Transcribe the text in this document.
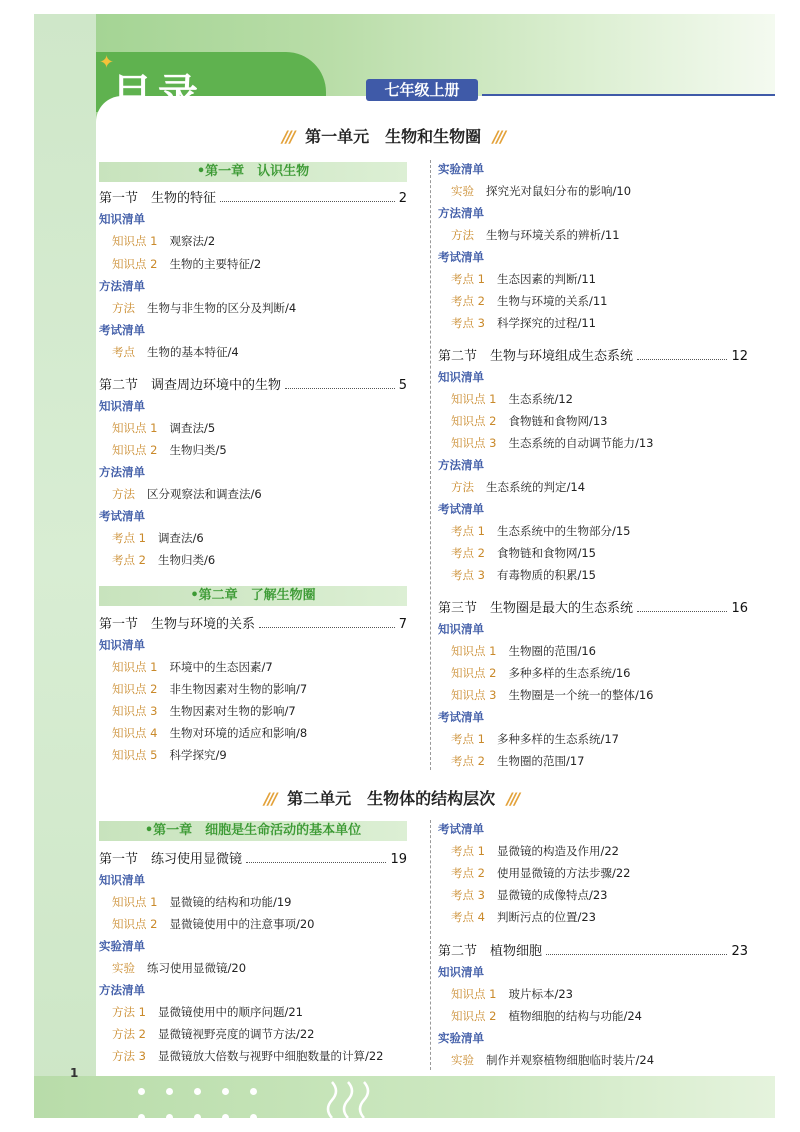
✦
目录	七年级上册
/// 第一单元　生物和生物圈 ///
•第一章　认识生物
第一节　生物的特征	2
知识清单
知识点 1 观察法/2
知识点 2 生物的主要特征/2
方法清单
方法 生物与非生物的区分及判断/4
考试清单
考点 生物的基本特征/4
第二节　调查周边环境中的生物	5
知识清单
知识点 1 调查法/5
知识点 2 生物归类/5
方法清单
方法 区分观察法和调查法/6
考试清单
考点 1 调查法/6
考点 2 生物归类/6
•第二章　了解生物圈
第一节　生物与环境的关系	7
知识清单
知识点 1 环境中的生态因素/7
知识点 2 非生物因素对生物的影响/7
知识点 3 生物因素对生物的影响/7
知识点 4 生物对环境的适应和影响/8
知识点 5 科学探究/9
实验清单
实验 探究光对鼠妇分布的影响/10
方法清单
方法 生物与环境关系的辨析/11
考试清单
考点 1 生态因素的判断/11
考点 2 生物与环境的关系/11
考点 3 科学探究的过程/11
第二节　生物与环境组成生态系统	12
知识清单
知识点 1 生态系统/12
知识点 2 食物链和食物网/13
知识点 3 生态系统的自动调节能力/13
方法清单
方法 生态系统的判定/14
考试清单
考点 1 生态系统中的生物部分/15
考点 2 食物链和食物网/15
考点 3 有毒物质的积累/15
第三节　生物圈是最大的生态系统	16
知识清单
知识点 1 生物圈的范围/16
知识点 2 多种多样的生态系统/16
知识点 3 生物圈是一个统一的整体/16
考试清单
考点 1 多种多样的生态系统/17
考点 2 生物圈的范围/17
/// 第二单元　生物体的结构层次 ///
•第一章　细胞是生命活动的基本单位
第一节　练习使用显微镜	19
知识清单
知识点 1 显微镜的结构和功能/19
知识点 2 显微镜使用中的注意事项/20
实验清单
实验 练习使用显微镜/20
方法清单
方法 1 显微镜使用中的顺序问题/21
方法 2 显微镜视野亮度的调节方法/22
方法 3 显微镜放大倍数与视野中细胞数量的计算/22
考试清单
考点 1 显微镜的构造及作用/22
考点 2 使用显微镜的方法步骤/22
考点 3 显微镜的成像特点/23
考点 4 判断污点的位置/23
第二节　植物细胞	23
知识清单
知识点 1 玻片标本/23
知识点 2 植物细胞的结构与功能/24
实验清单
实验 制作并观察植物细胞临时装片/24
1
